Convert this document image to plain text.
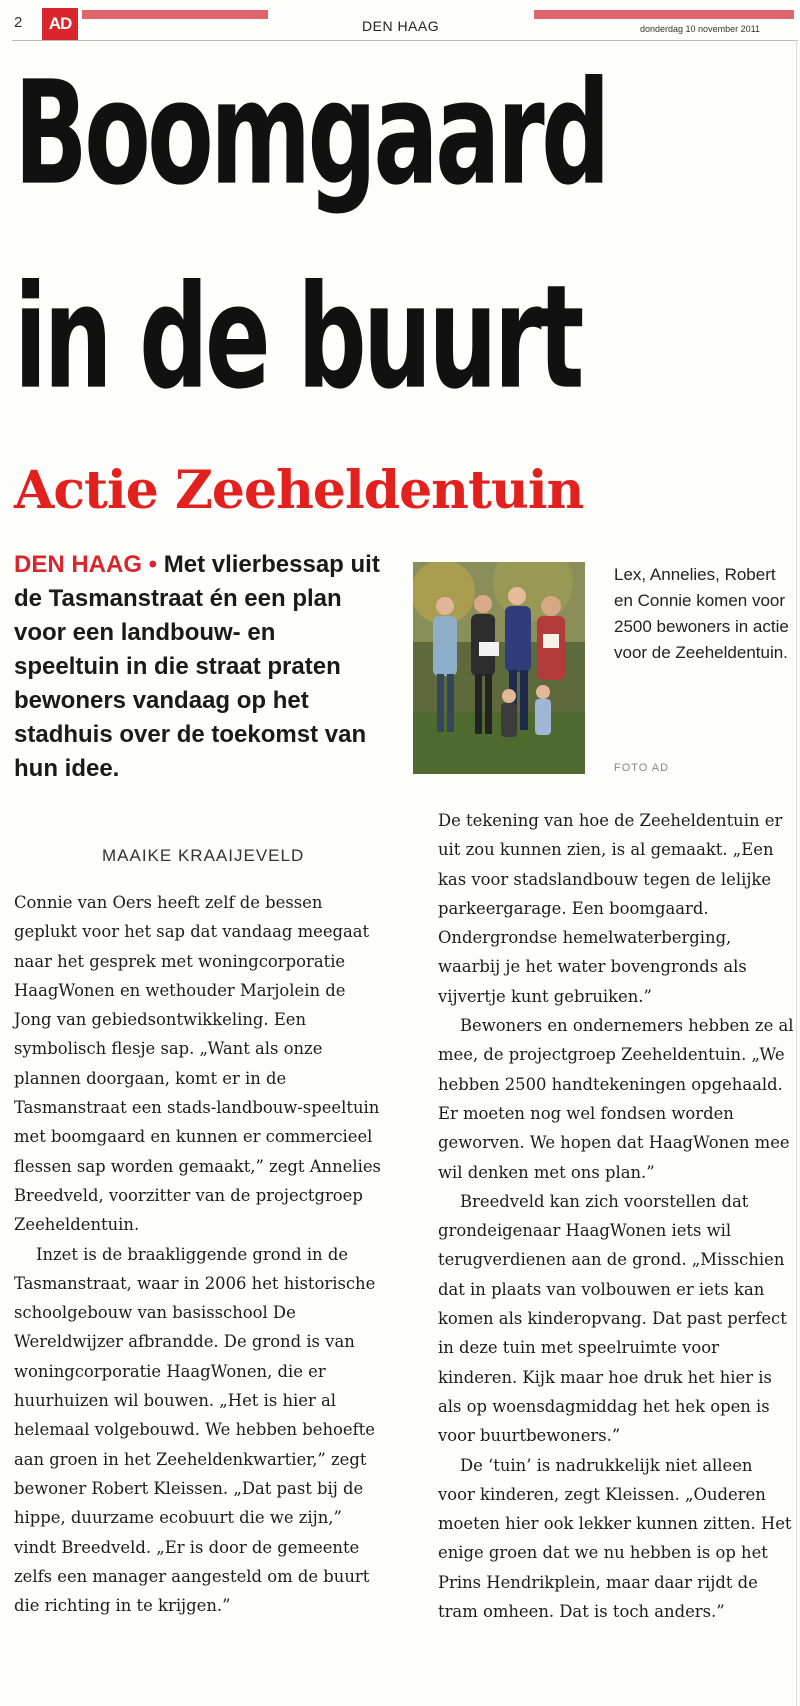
2	AD	DEN HAAG	donderdag 10 november 2011
Boomgaard
in de buurt
Actie Zeeheldentuin
DEN HAAG • Met vlierbessap uit de Tasmanstraat én een plan voor een landbouw- en speeltuin in die straat praten bewoners vandaag op het stadhuis over de toekomst van hun idee.
MAAIKE KRAAIJEVELD
Lex, Annelies, Robert en Connie komen voor 2500 bewoners in actie voor de Zeeheldentuin.
FOTO AD

Connie van Oers heeft zelf de bessen geplukt voor het sap dat vandaag meegaat naar het gesprek met woningcorporatie HaagWonen en wethouder Marjolein de Jong van gebiedsontwikkeling. Een symbolisch flesje sap. „Want als onze plannen doorgaan, komt er in de Tasmanstraat een stads-landbouw-speeltuin met boomgaard en kunnen er commercieel flessen sap worden gemaakt,” zegt Annelies Breedveld, voorzitter van de projectgroep Zeeheldentuin.

Inzet is de braakliggende grond in de Tasmanstraat, waar in 2006 het historische schoolgebouw van basisschool De Wereldwijzer afbrandde. De grond is van woningcorporatie HaagWonen, die er huurhuizen wil bouwen. „Het is hier al helemaal volgebouwd. We hebben behoefte aan groen in het Zeeheldenkwartier,” zegt bewoner Robert Kleissen. „Dat past bij de hippe, duurzame ecobuurt die we zijn,” vindt Breedveld. „Er is door de gemeente zelfs een manager aangesteld om de buurt die richting in te krijgen.”

De tekening van hoe de Zeeheldentuin er uit zou kunnen zien, is al gemaakt. „Een kas voor stadslandbouw tegen de lelijke parkeergarage. Een boomgaard. Ondergrondse hemelwaterberging, waarbij je het water bovengronds als vijvertje kunt gebruiken.”

Bewoners en ondernemers hebben ze al mee, de projectgroep Zeeheldentuin. „We hebben 2500 handtekeningen opgehaald. Er moeten nog wel fondsen worden geworven. We hopen dat HaagWonen mee wil denken met ons plan.”

Breedveld kan zich voorstellen dat grondeigenaar HaagWonen iets wil terugverdienen aan de grond. „Misschien dat in plaats van volbouwen er iets kan komen als kinderopvang. Dat past perfect in deze tuin met speelruimte voor kinderen. Kijk maar hoe druk het hier is als op woensdagmiddag het hek open is voor buurtbewoners.”

De ‘tuin’ is nadrukkelijk niet alleen voor kinderen, zegt Kleissen. „Ouderen moeten hier ook lekker kunnen zitten. Het enige groen dat we nu hebben is op het Prins Hendrikplein, maar daar rijdt de tram omheen. Dat is toch anders.”
